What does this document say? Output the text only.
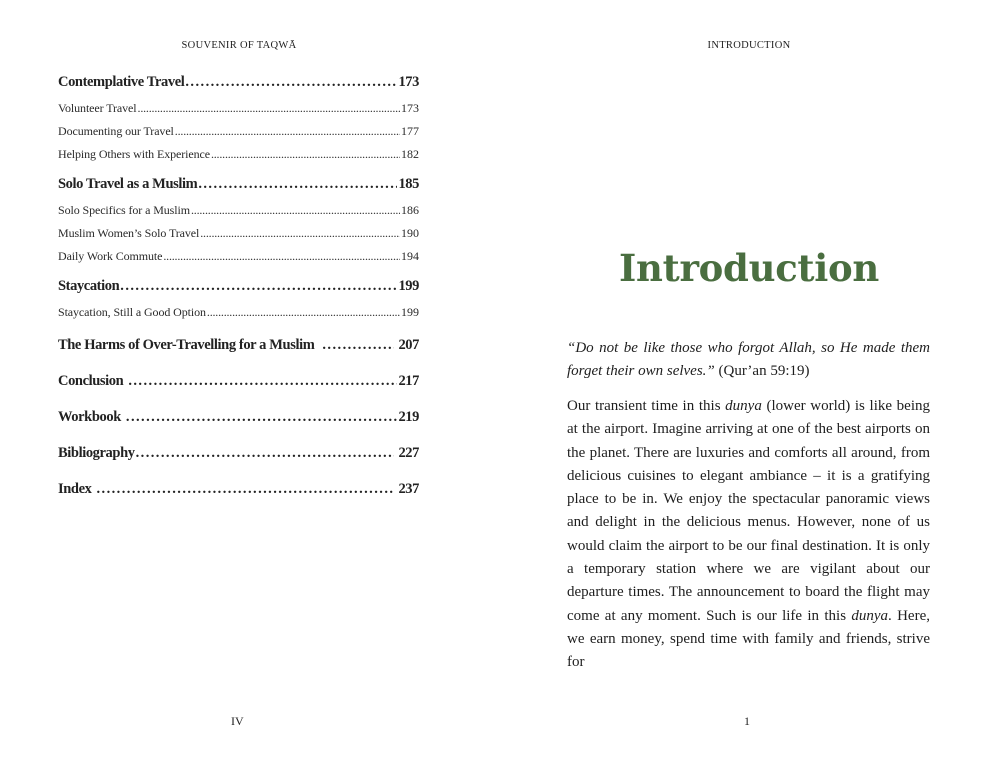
SOUVENIR OF TAQWĀ
Contemplative Travel . . .	173
Volunteer Travel . . .	173
Documenting our Travel . . .	177
Helping Others with Experience . . .	182
Solo Travel as a Muslim . . .	185
Solo Specifics for a Muslim . . .	186
Muslim Women’s Solo Travel . . .	190
Daily Work Commute . . .	194
Staycation . . .	199
Staycation, Still a Good Option . . .	199
The Harms of Over-Travelling for a Muslim . . .	207
Conclusion . . .	217
Workbook . . .	219
Bibliography . . .	227
Index . . .	237
IV
INTRODUCTION
Introduction
“Do not be like those who forgot Allah, so He made them forget their own selves.” (Qur’an 59:19)
Our transient time in this dunya (lower world) is like being at the airport. Imagine arriving at one of the best airports on the planet. There are luxuries and comforts all around, from delicious cuisines to elegant ambiance – it is a gratifying place to be in. We enjoy the spectacular panoramic views and delight in the delicious menus. However, none of us would claim the airport to be our final destination. It is only a temporary station where we are vigilant about our departure times. The announcement to board the flight may come at any moment. Such is our life in this dunya. Here, we earn money, spend time with family and friends, strive for
1
